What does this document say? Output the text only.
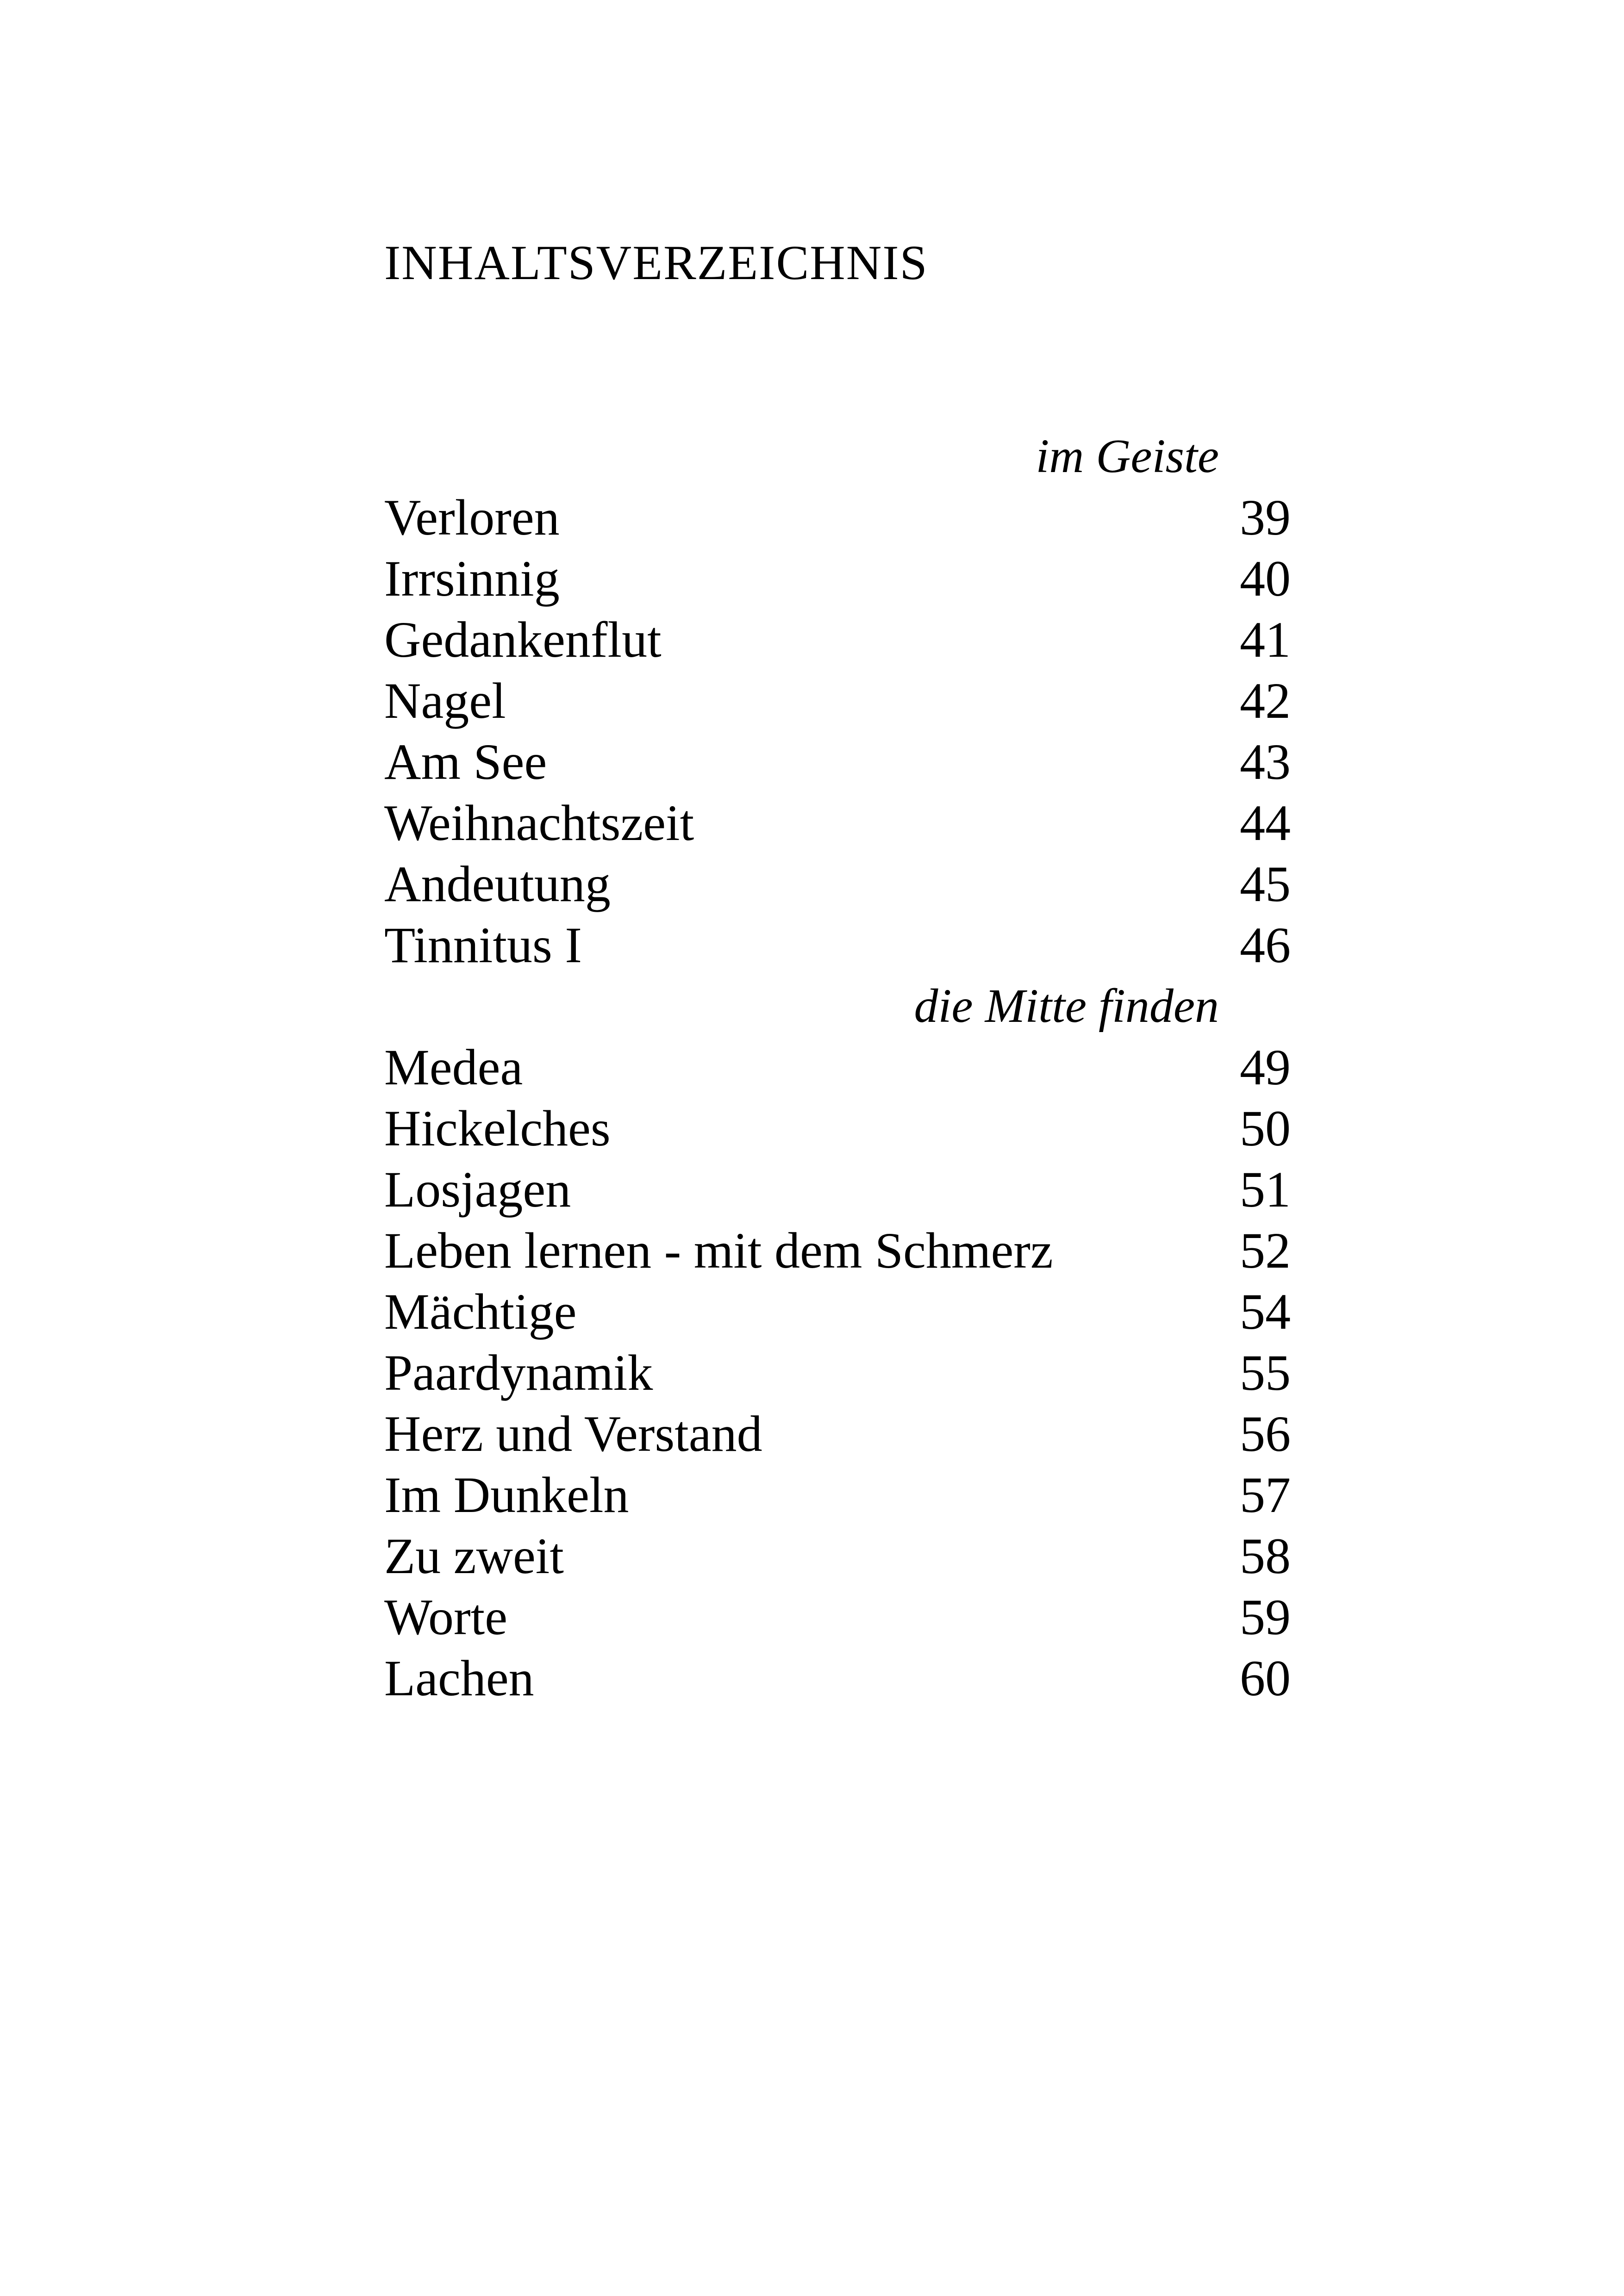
INHALTSVERZEICHNIS
im Geiste
Verloren	39
Irrsinnig	40
Gedankenflut	41
Nagel	42
Am See	43
Weihnachtszeit	44
Andeutung	45
Tinnitus I	46
die Mitte finden
Medea	49
Hickelches	50
Losjagen	51
Leben lernen - mit dem Schmerz	52
Mächtige	54
Paardynamik	55
Herz und Verstand	56
Im Dunkeln	57
Zu zweit	58
Worte	59
Lachen	60
